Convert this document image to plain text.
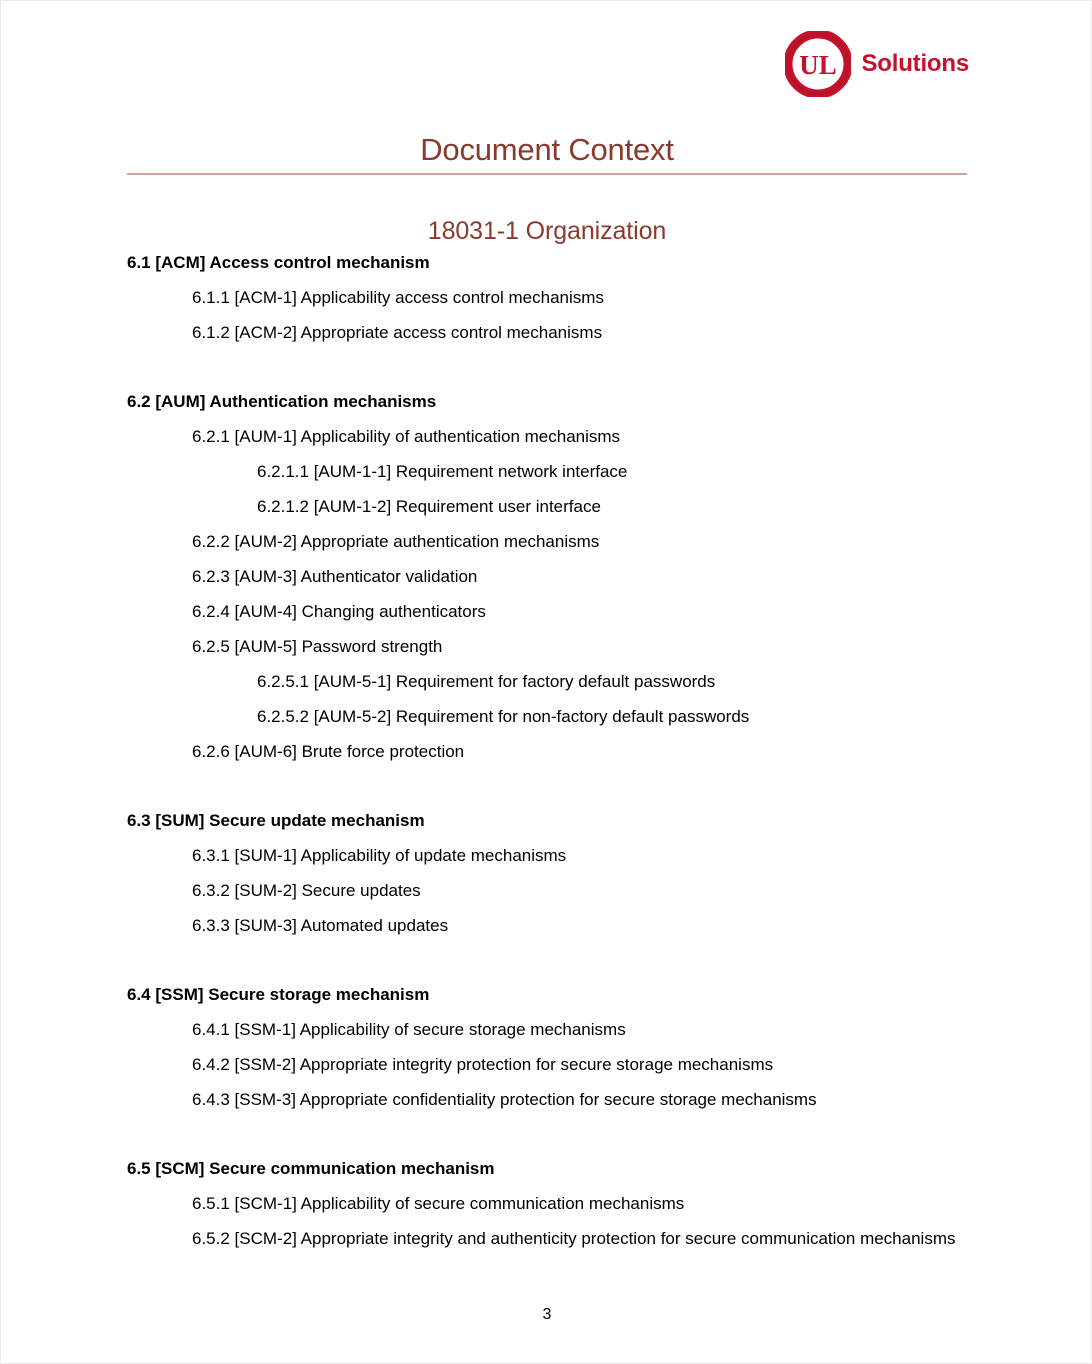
UL Solutions
Document Context
18031-1 Organization
6.1 [ACM] Access control mechanism
6.1.1 [ACM-1] Applicability access control mechanisms
6.1.2 [ACM-2] Appropriate access control mechanisms
6.2 [AUM] Authentication mechanisms
6.2.1 [AUM-1] Applicability of authentication mechanisms
6.2.1.1 [AUM-1-1] Requirement network interface
6.2.1.2 [AUM-1-2] Requirement user interface
6.2.2 [AUM-2] Appropriate authentication mechanisms
6.2.3 [AUM-3] Authenticator validation
6.2.4 [AUM-4] Changing authenticators
6.2.5 [AUM-5] Password strength
6.2.5.1 [AUM-5-1] Requirement for factory default passwords
6.2.5.2 [AUM-5-2] Requirement for non-factory default passwords
6.2.6 [AUM-6] Brute force protection
6.3 [SUM] Secure update mechanism
6.3.1 [SUM-1] Applicability of update mechanisms
6.3.2 [SUM-2] Secure updates
6.3.3 [SUM-3] Automated updates
6.4 [SSM] Secure storage mechanism
6.4.1 [SSM-1] Applicability of secure storage mechanisms
6.4.2 [SSM-2] Appropriate integrity protection for secure storage mechanisms
6.4.3 [SSM-3] Appropriate confidentiality protection for secure storage mechanisms
6.5 [SCM] Secure communication mechanism
6.5.1 [SCM-1] Applicability of secure communication mechanisms
6.5.2 [SCM-2] Appropriate integrity and authenticity protection for secure communication mechanisms
3
